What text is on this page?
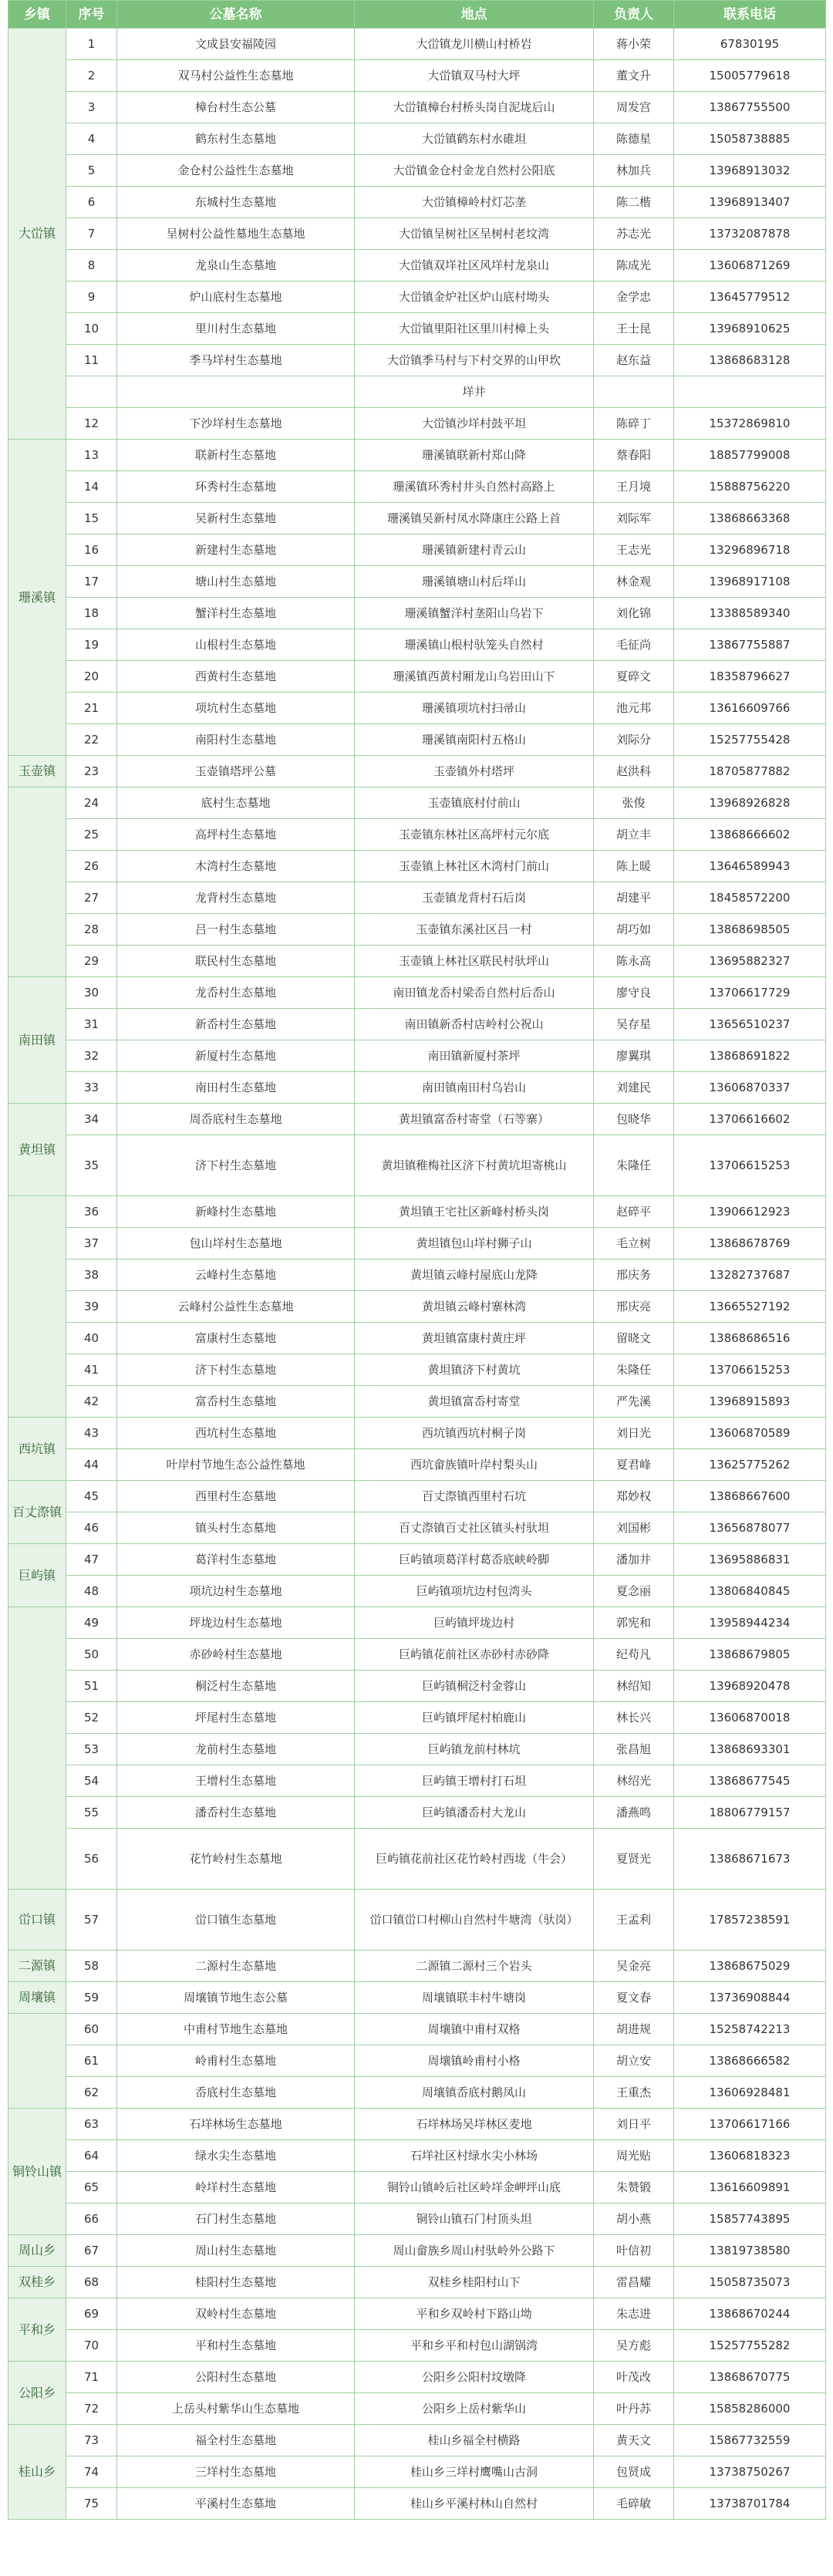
乡镇	序号	公墓名称	地点	负责人	联系电话
大峃镇	1	文成县安福陵园	大峃镇龙川横山村桥岩	蒋小荣	67830195
	2	双马村公益性生态墓地	大峃镇双马村大坪	董文升	15005779618
	3	樟台村生态公墓	大峃镇樟台村桥头岗自泥垅后山	周发宫	13867755500
	4	鹤东村生态墓地	大峃镇鹤东村水碓坦	陈德星	15058738885
	5	金仓村公益性生态墓地	大峃镇金仓村金龙自然村公阳底	林加兵	13968913032
	6	东城村生态墓地	大峃镇樟岭村灯芯垄	陈二楷	13968913407
	7	呈树村公益性墓地生态墓地	大峃镇呈树社区呈树村老坟湾	苏志光	13732087878
	8	龙泉山生态墓地	大峃镇双垟社区风垟村龙泉山	陈成光	13606871269
	9	炉山底村生态墓地	大峃镇金炉社区炉山底村坳头	金学忠	13645779512
	10	里川村生态墓地	大峃镇里阳社区里川村樟上头	王士昆	13968910625
	11	季马垟村生态墓地	大峃镇季马村与下村交界的山甲坎	赵东益	13868683128
			垟井		
	12	下沙垟村生态墓地	大峃镇沙垟村鼓平坦	陈碎丁	15372869810
珊溪镇	13	联新村生态墓地	珊溪镇联新村郑山降	蔡春阳	18857799008
	14	环秀村生态墓地	珊溪镇环秀村井头自然村高路上	王月境	15888756220
	15	吴新村生态墓地	珊溪镇吴新村凤水降康庄公路上首	刘际军	13868663368
	16	新建村生态墓地	珊溪镇新建村青云山	王志光	13296896718
	17	塘山村生态墓地	珊溪镇塘山村后垟山	林金观	13968917108
	18	蟹洋村生态墓地	珊溪镇蟹洋村垄阳山乌岩下	刘化锦	13388589340
	19	山根村生态墓地	珊溪镇山根村驮笼头自然村	毛征尚	13867755887
	20	西黄村生态墓地	珊溪镇西黄村厢龙山乌岩田山下	夏碎文	18358796627
	21	项坑村生态墓地	珊溪镇项坑村扫帚山	池元邦	13616609766
	22	南阳村生态墓地	珊溪镇南阳村五格山	刘际分	15257755428
玉壶镇	23	玉壶镇塔坪公墓	玉壶镇外村塔坪	赵洪科	18705877882
	24	底村生态墓地	玉壶镇底村付前山	张俊	13968926828
	25	高坪村生态墓地	玉壶镇东林社区高坪村元尔底	胡立丰	13868666602
	26	木湾村生态墓地	玉壶镇上林社区木湾村门前山	陈上暖	13646589943
	27	龙背村生态墓地	玉壶镇龙背村石后岗	胡建平	18458572200
	28	吕一村生态墓地	玉壶镇东溪社区吕一村	胡巧如	13868698505
	29	联民村生态墓地	玉壶镇上林社区联民村驮坪山	陈永高	13695882327
南田镇	30	龙岙村生态墓地	南田镇龙岙村梁岙自然村后岙山	廖守良	13706617729
	31	新岙村生态墓地	南田镇新岙村店岭村公祝山	吴存星	13656510237
	32	新厦村生态墓地	南田镇新厦村茶坪	廖翼琪	13868691822
	33	南田村生态墓地	南田镇南田村乌岩山	刘建民	13606870337
黄坦镇	34	周岙底村生态墓地	黄坦镇富岙村寄堂（石等寨）	包晓华	13706616602
	35	济下村生态墓地	黄坦镇稚梅社区济下村黄坑坦寄桃山	朱隆任	13706615253
	36	新峰村生态墓地	黄坦镇王宅社区新峰村桥头岗	赵碎平	13906612923
	37	包山垟村生态墓地	黄坦镇包山垟村狮子山	毛立树	13868678769
	38	云峰村生态墓地	黄坦镇云峰村屋底山龙降	邢庆务	13282737687
	39	云峰村公益性生态墓地	黄坦镇云峰村寨林湾	邢庆亮	13665527192
	40	富康村生态墓地	黄坦镇富康村黄庄坪	留晓文	13868686516
	41	济下村生态墓地	黄坦镇济下村黄坑	朱隆任	13706615253
	42	富岙村生态墓地	黄坦镇富岙村寄堂	严先溪	13968915893
西坑镇	43	西坑村生态墓地	西坑镇西坑村桐子岗	刘日光	13606870589
	44	叶岸村节地生态公益性墓地	西坑畲族镇叶岸村梨头山	夏君峰	13625775262
百丈漈镇	45	西里村生态墓地	百丈漈镇西里村石坑	郑妙权	13868667600
	46	镇头村生态墓地	百丈漈镇百丈社区镇头村驮坦	刘国彬	13656878077
巨屿镇	47	葛洋村生态墓地	巨屿镇项葛洋村葛岙底峡岭脚	潘加井	13695886831
	48	项坑边村生态墓地	巨屿镇项坑边村包湾头	夏念丽	13806840845
	49	坪垅边村生态墓地	巨屿镇坪垅边村	郭宪和	13958944234
	50	赤砂岭村生态墓地	巨屿镇花前社区赤砂村赤砂降	纪苟凡	13868679805
	51	桐泛村生态墓地	巨屿镇桐泛村金蓉山	林绍知	13968920478
	52	坪尾村生态墓地	巨屿镇坪尾村柏鹿山	林长兴	13606870018
	53	龙前村生态墓地	巨屿镇龙前村林坑	张昌旭	13868693301
	54	王增村生态墓地	巨屿镇王增村打石坦	林绍光	13868677545
	55	潘岙村生态墓地	巨屿镇潘岙村大龙山	潘燕鸣	18806779157
	56	花竹岭村生态墓地	巨屿镇花前社区花竹岭村西垅（牛会）	夏贤光	13868671673
峃口镇	57	峃口镇生态墓地	峃口镇峃口村柳山自然村牛塘湾（驮岗）	王孟利	17857238591
二源镇	58	二源村生态墓地	二源镇二源村三个岩头	吴金亮	13868675029
周壤镇	59	周壤镇节地生态公墓	周壤镇联丰村牛塘岗	夏文春	13736908844
	60	中甫村节地生态墓地	周壤镇中甫村双格	胡进规	15258742213
	61	岭甫村生态墓地	周壤镇岭甫村小格	胡立安	13868666582
	62	岙底村生态墓地	周壤镇岙底村鹅凤山	王重杰	13606928481
铜铃山镇	63	石垟林场生态墓地	石垟林场吴垟林区麦地	刘日平	13706617166
	64	绿水尖生态墓地	石垟社区村绿水尖小林场	周光贴	13606818323
	65	岭垟村生态墓地	铜铃山镇岭后社区岭垟金岬坪山底	朱赞锻	13616609891
	66	石门村生态墓地	铜铃山镇石门村顶头坦	胡小燕	15857743895
周山乡	67	周山村生态墓地	周山畲族乡周山村驮岭外公路下	叶信初	13819738580
双桂乡	68	桂阳村生态墓地	双桂乡桂阳村山下	雷昌耀	15058735073
平和乡	69	双岭村生态墓地	平和乡双岭村下路山坳	朱志进	13868670244
	70	平和村生态墓地	平和乡平和村包山湖锅湾	吴方彪	15257755282
公阳乡	71	公阳村生态墓地	公阳乡公阳村坟墩降	叶茂改	13868670775
	72	上岳头村紫华山生态墓地	公阳乡上岳村紫华山	叶丹苏	15858286000
桂山乡	73	福全村生态墓地	桂山乡福全村横路	黄天文	15867732559
	74	三垟村生态墓地	桂山乡三垟村鹰嘴山古洞	包贤成	13738750267
	75	平溪村生态墓地	桂山乡平溪村林山自然村	毛碎敏	13738701784
